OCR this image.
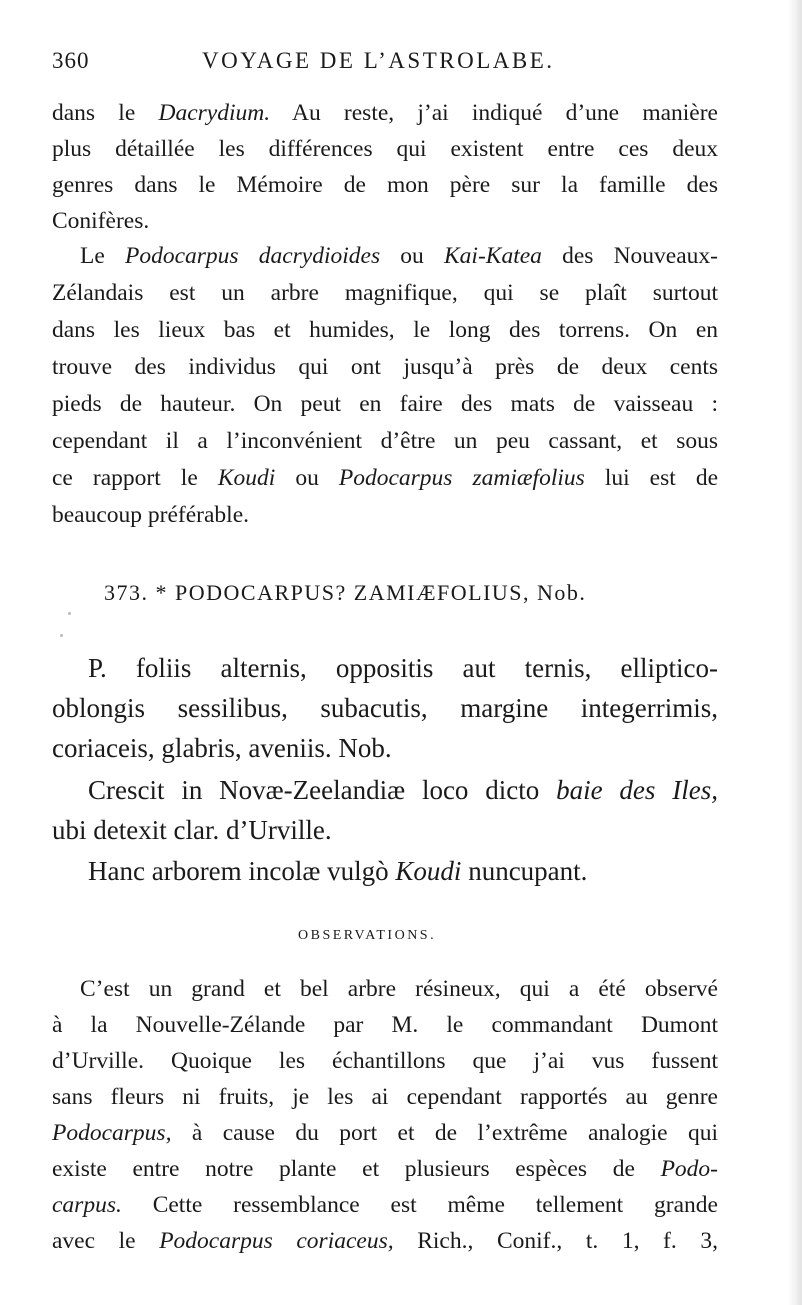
360	VOYAGE DE L’ASTROLABE.
dans le Dacrydium. Au reste, j’ai indiqué d’une manière
plus détaillée les différences qui existent entre ces deux
genres dans le Mémoire de mon père sur la famille des
Conifères.
Le Podocarpus dacrydioides ou Kai-Katea des Nouveaux-
Zélandais est un arbre magnifique, qui se plaît surtout
dans les lieux bas et humides, le long des torrens. On en
trouve des individus qui ont jusqu’à près de deux cents
pieds de hauteur. On peut en faire des mats de vaisseau :
cependant il a l’inconvénient d’être un peu cassant, et sous
ce rapport le Koudi ou Podocarpus zamiæfolius lui est de
beaucoup préférable.
373. * PODOCARPUS? ZAMIÆFOLIUS, Nob.
P. foliis alternis, oppositis aut ternis, elliptico-
oblongis sessilibus, subacutis, margine integerrimis,
coriaceis, glabris, aveniis. Nob.
Crescit in Novæ-Zeelandiæ loco dicto baie des Iles,
ubi detexit clar. d’Urville.
Hanc arborem incolæ vulgò Koudi nuncupant.
OBSERVATIONS.
C’est un grand et bel arbre résineux, qui a été observé
à la Nouvelle-Zélande par M. le commandant Dumont
d’Urville. Quoique les échantillons que j’ai vus fussent
sans fleurs ni fruits, je les ai cependant rapportés au genre
Podocarpus, à cause du port et de l’extrême analogie qui
existe entre notre plante et plusieurs espèces de Podo-
carpus. Cette ressemblance est même tellement grande
avec le Podocarpus coriaceus, Rich., Conif., t. 1, f. 3,
